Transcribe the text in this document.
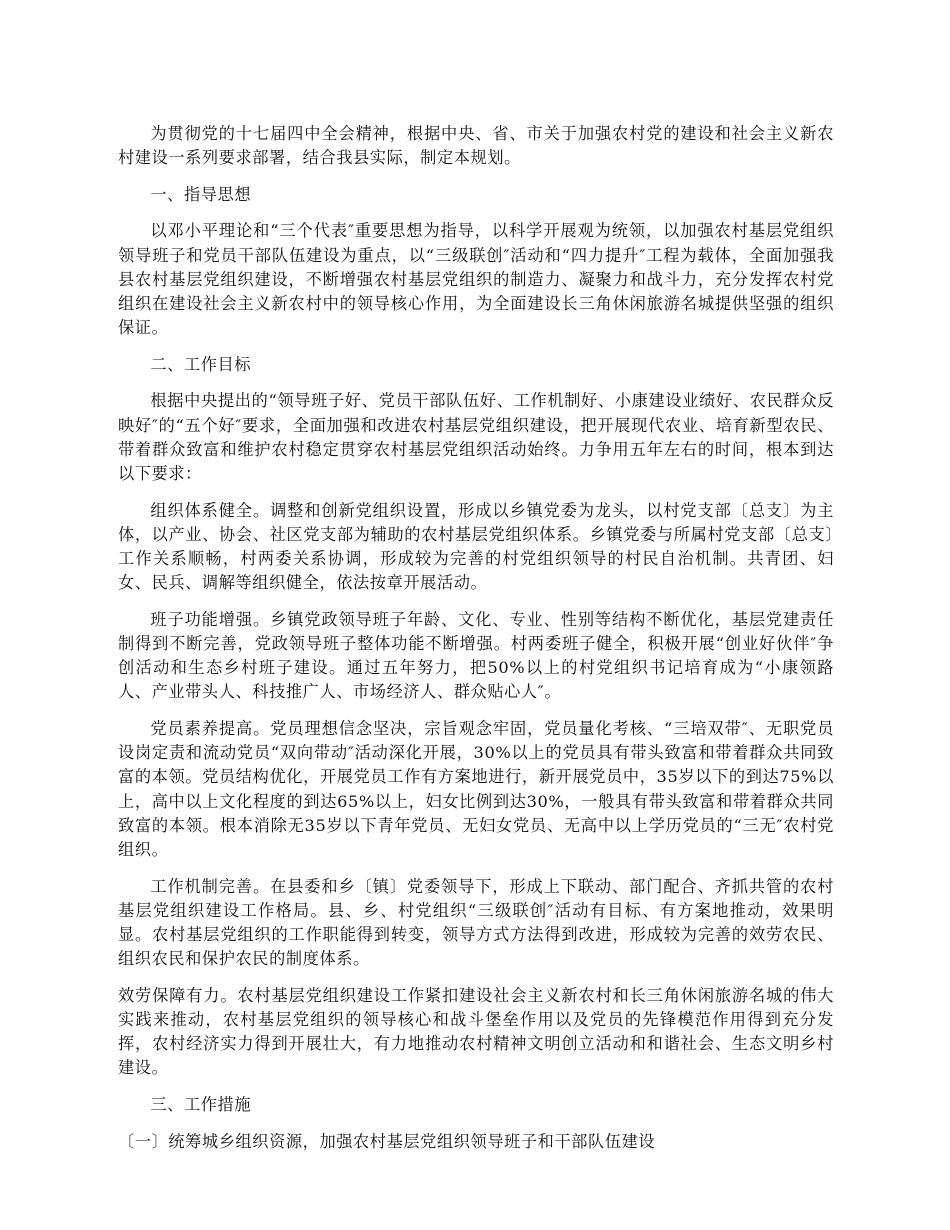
为贯彻党的十七届四中全会精神，根据中央、省、市关于加强农村党的建设和社会主义新农村建设一系列要求部署，结合我县实际，制定本规划。

一、指导思想

以邓小平理论和“三个代表″重要思想为指导，以科学开展观为统领，以加强农村基层党组织领导班子和党员干部队伍建设为重点，以“三级联创″活动和“四力提升″工程为载体，全面加强我县农村基层党组织建设，不断增强农村基层党组织的制造力、凝聚力和战斗力，充分发挥农村党组织在建设社会主义新农村中的领导核心作用，为全面建设长三角休闲旅游名城提供坚强的组织保证。

二、工作目标

根据中央提出的“领导班子好、党员干部队伍好、工作机制好、小康建设业绩好、农民群众反映好″的“五个好″要求，全面加强和改进农村基层党组织建设，把开展现代农业、培育新型农民、带着群众致富和维护农村稳定贯穿农村基层党组织活动始终。力争用五年左右的时间，根本到达以下要求：

组织体系健全。调整和创新党组织设置，形成以乡镇党委为龙头，以村党支部〔总支〕为主体，以产业、协会、社区党支部为辅助的农村基层党组织体系。乡镇党委与所属村党支部〔总支〕工作关系顺畅，村两委关系协调，形成较为完善的村党组织领导的村民自治机制。共青团、妇女、民兵、调解等组织健全，依法按章开展活动。

班子功能增强。乡镇党政领导班子年龄、文化、专业、性别等结构不断优化，基层党建责任制得到不断完善，党政领导班子整体功能不断增强。村两委班子健全，积极开展“创业好伙伴″争创活动和生态乡村班子建设。通过五年努力，把50%以上的村党组织书记培育成为“小康领路人、产业带头人、科技推广人、市场经济人、群众贴心人″。

党员素养提高。党员理想信念坚决，宗旨观念牢固，党员量化考核、“三培双带″、无职党员设岗定责和流动党员“双向带动″活动深化开展，30%以上的党员具有带头致富和带着群众共同致富的本领。党员结构优化，开展党员工作有方案地进行，新开展党员中，35岁以下的到达75%以上，高中以上文化程度的到达65%以上，妇女比例到达30%，一般具有带头致富和带着群众共同致富的本领。根本消除无35岁以下青年党员、无妇女党员、无高中以上学历党员的“三无″农村党组织。

工作机制完善。在县委和乡〔镇〕党委领导下，形成上下联动、部门配合、齐抓共管的农村基层党组织建设工作格局。县、乡、村党组织“三级联创″活动有目标、有方案地推动，效果明显。农村基层党组织的工作职能得到转变，领导方式方法得到改进，形成较为完善的效劳农民、组织农民和保护农民的制度体系。

效劳保障有力。农村基层党组织建设工作紧扣建设社会主义新农村和长三角休闲旅游名城的伟大实践来推动，农村基层党组织的领导核心和战斗堡垒作用以及党员的先锋模范作用得到充分发挥，农村经济实力得到开展壮大，有力地推动农村精神文明创立活动和和谐社会、生态文明乡村建设。

三、工作措施

〔一〕统筹城乡组织资源，加强农村基层党组织领导班子和干部队伍建设
